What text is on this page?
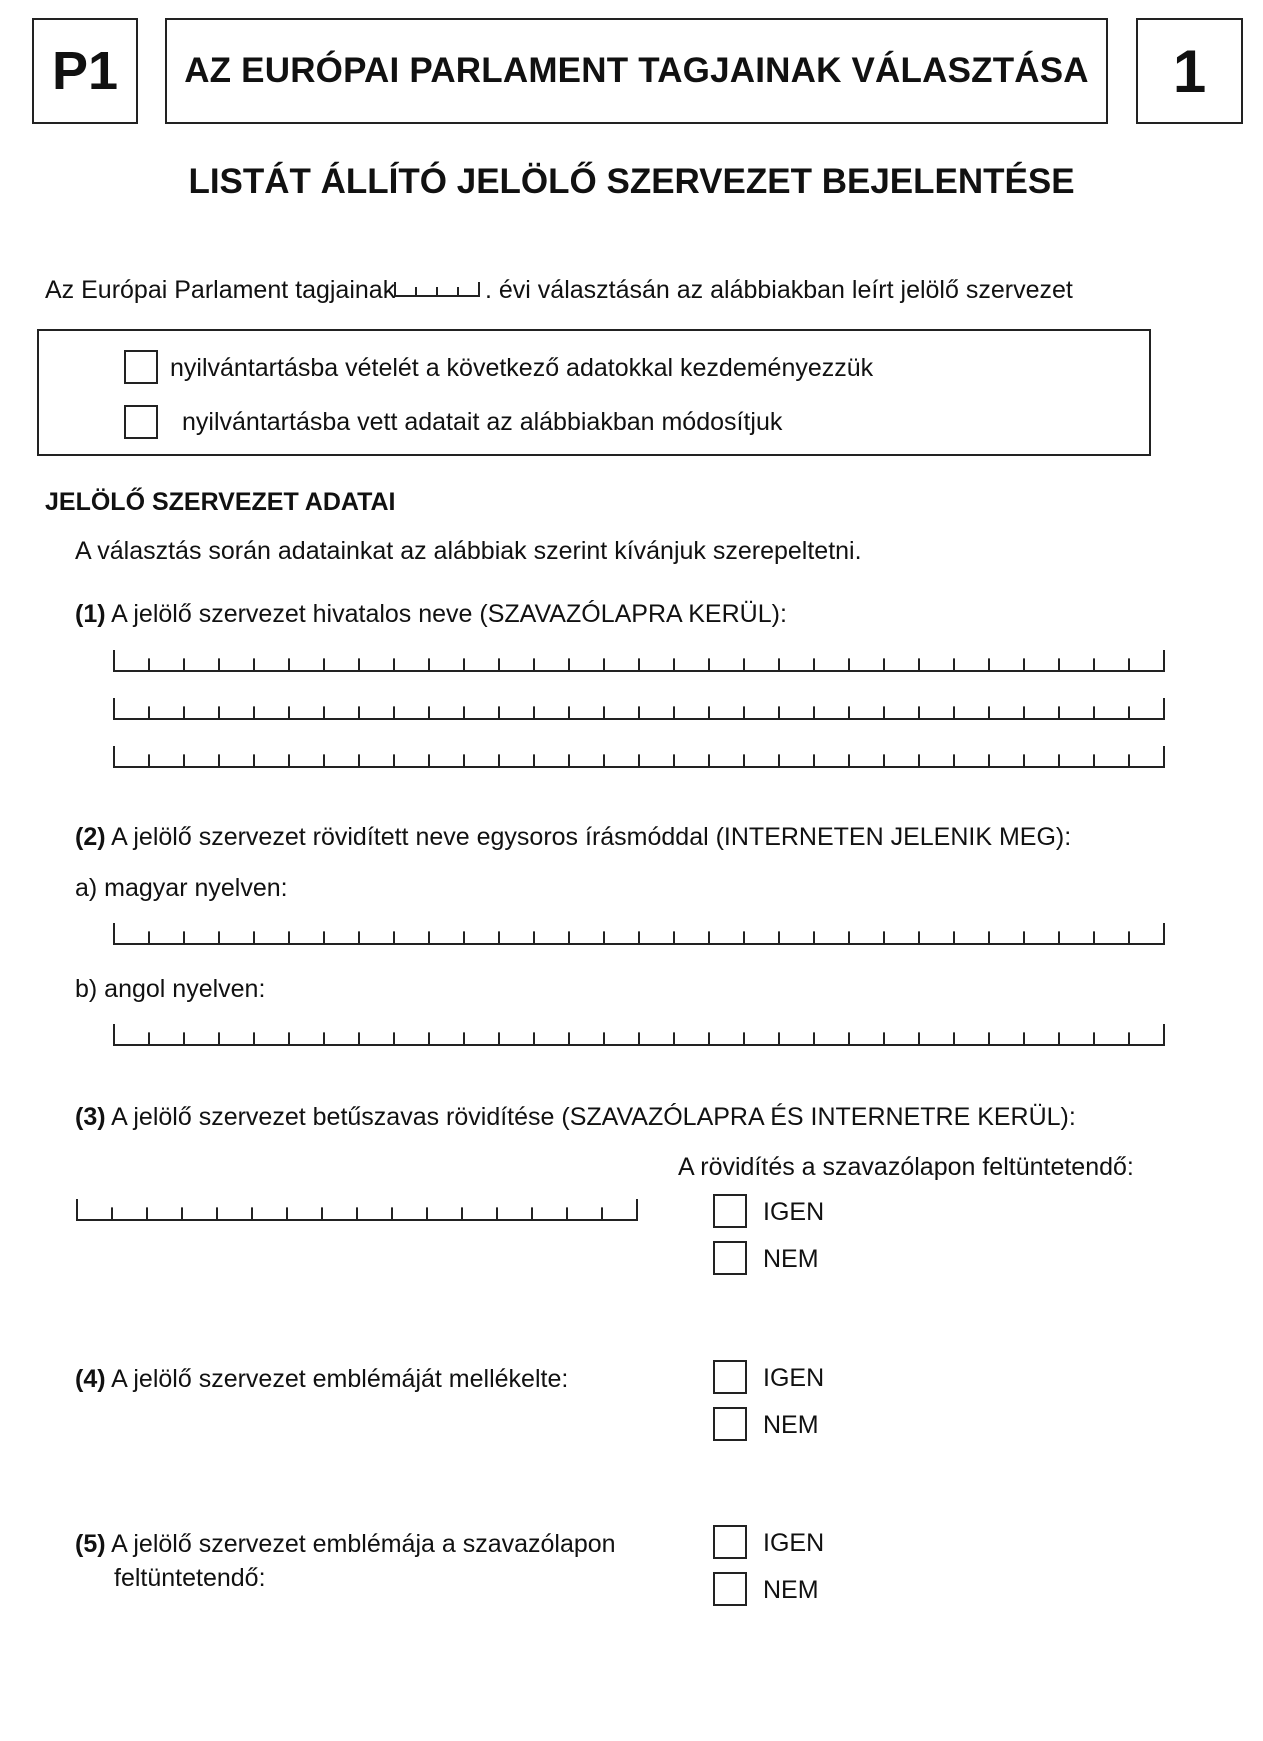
P1 AZ EURÓPAI PARLAMENT TAGJAINAK VÁLASZTÁSA 1
LISTÁT ÁLLÍTÓ JELÖLŐ SZERVEZET BEJELENTÉSE
Az Európai Parlament tagjainak	. évi választásán az alábbiakban leírt jelölő szervezet
nyilvántartásba vételét a következő adatokkal kezdeményezzük
nyilvántartásba vett adatait az alábbiakban módosítjuk
JELÖLŐ SZERVEZET ADATAI
A választás során adatainkat az alábbiak szerint kívánjuk szerepeltetni.
(1) A jelölő szervezet hivatalos neve (SZAVAZÓLAPRA KERÜL):
(2) A jelölő szervezet rövidített neve egysoros írásmóddal (INTERNETEN JELENIK MEG):
a) magyar nyelven:
b) angol nyelven:
(3) A jelölő szervezet betűszavas rövidítése (SZAVAZÓLAPRA ÉS INTERNETRE KERÜL):
A rövidítés a szavazólapon feltüntetendő:
IGEN
NEM
(4) A jelölő szervezet emblémáját mellékelte:	IGEN
NEM
(5) A jelölő szervezet emblémája a szavazólapon
feltüntetendő:
IGEN
NEM
